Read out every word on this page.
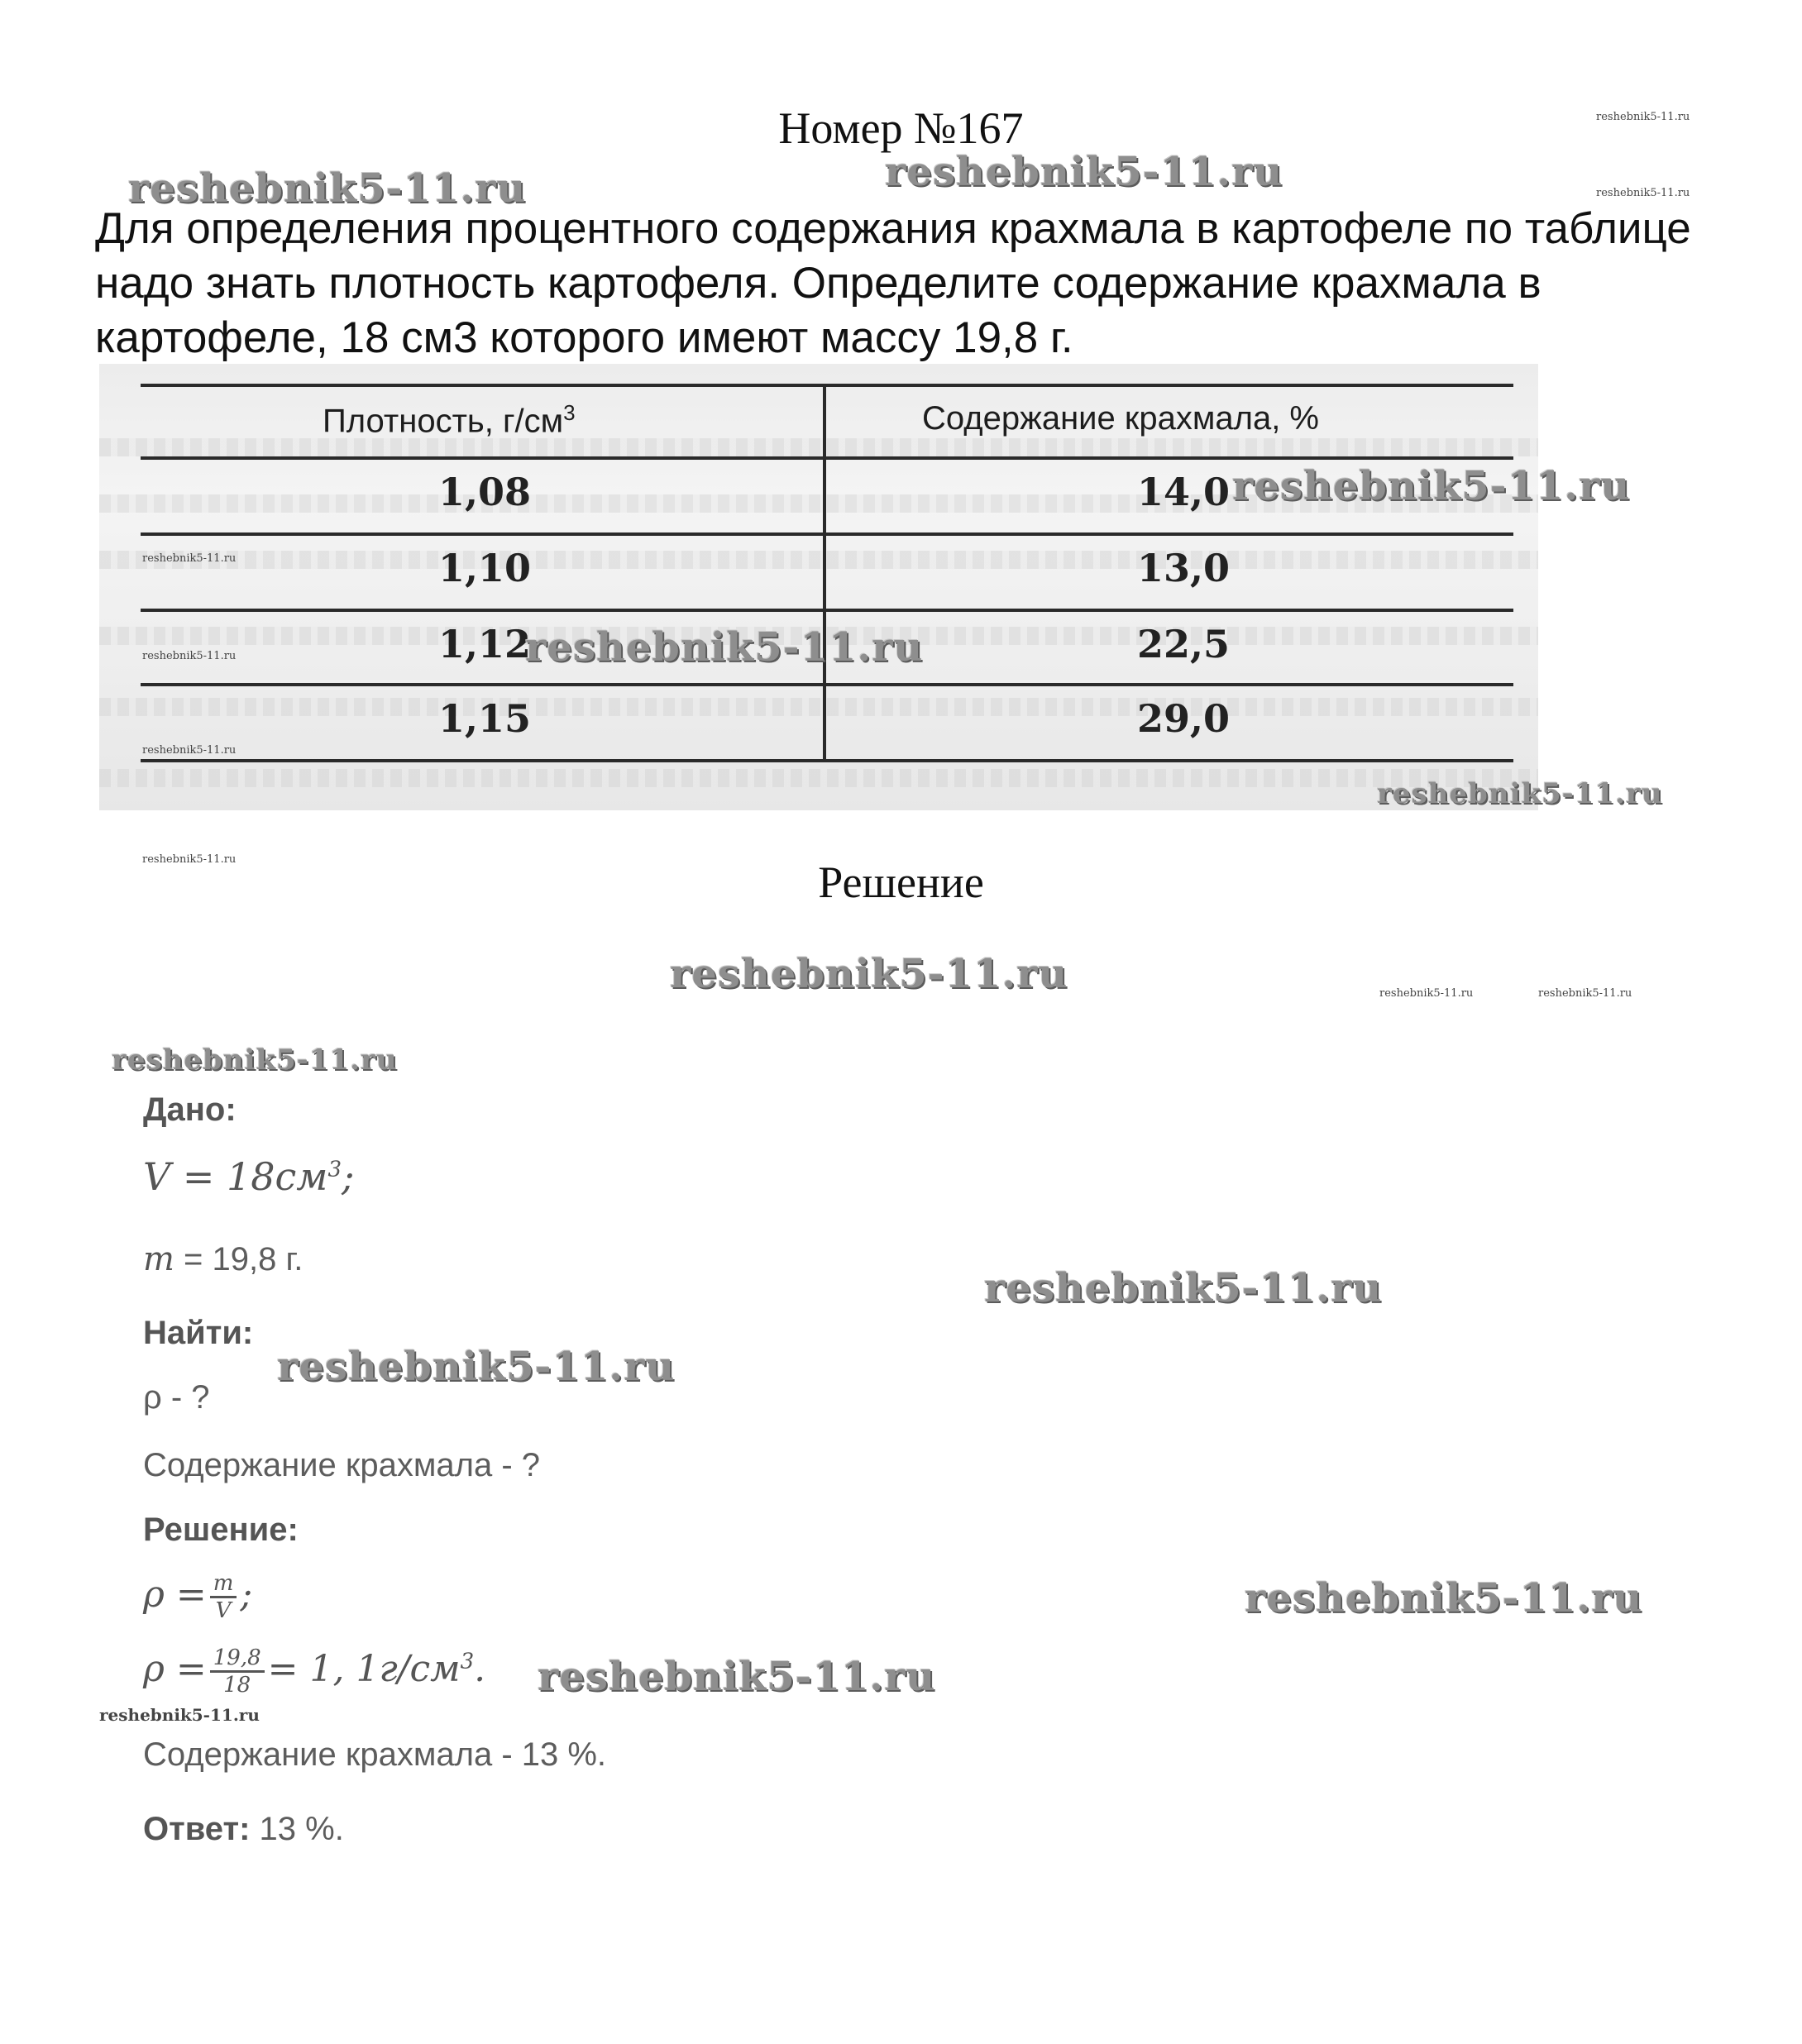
Номер №167
Для определения процентного содержания крахмала в картофеле по таблице надо знать плотность картофеля. Определите содержание крахмала в картофеле, 18 см3 которого имеют массу 19,8 г.
Плотность, $г/см^3$	Содержание крахмала, %
1,08	14,0
1,10	13,0
1,12	22,5
1,15	29,0
Решение
Дано:
$V = 18см^3$;
m = 19,8 г.
Найти:
ρ - ?
Содержание крахмала - ?
Решение:
$\rho = \frac{m}{V}$ ;
$\rho = \frac{19,8}{18} = 1$, $1г/см^3$.
Содержание крахмала - 13 %.
Ответ: 13 %.
reshebnik5-11.ru	reshebnik5-11.ru
reshebnik5-11.ru
reshebnik5-11.ru
reshebnik5-11.ru
reshebnik5-11.ru
reshebnik5-11.ru
reshebnik5-11.ru
reshebnik5-11.ru
reshebnik5-11.ru
reshebnik5-11.ru
reshebnik5-11.ru
reshebnik5-11.ru
reshebnik5-11.ru
reshebnik5-11.ru
reshebnik5-11.ru
reshebnik5-11.ru
reshebnik5-11.ru	reshebnik5-11.ru
reshebnik5-11.ru
